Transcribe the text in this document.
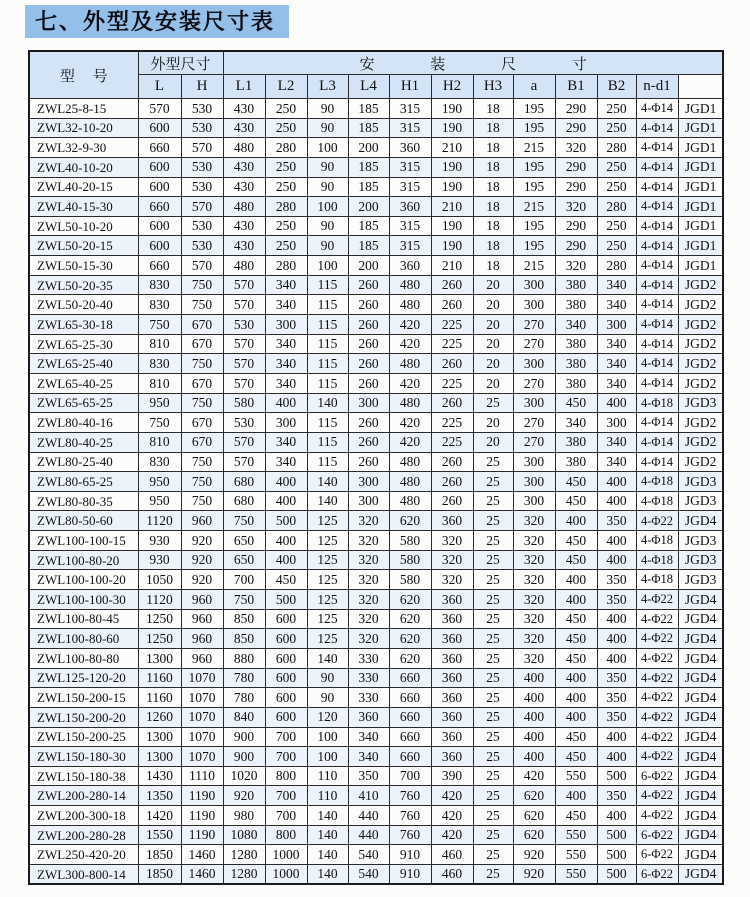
七、外型及安装尺寸表
型 号	外型尺寸		安 装 尺 寸	

	L	H	L1	L2	L3	L4	H1	H2	H3	a	B1	B2	n-d1		
ZWL25-8-15	570	530	430	250	90	185	315	190	18	195	290	250	4-Φ14	JGD1	
ZWL32-10-20	600	530	430	250	90	185	315	190	18	195	290	250	4-Φ14	JGD1	
ZWL32-9-30	660	570	480	280	100	200	360	210	18	215	320	280	4-Φ14	JGD1	
ZWL40-10-20	600	530	430	250	90	185	315	190	18	195	290	250	4-Φ14	JGD1	
ZWL40-20-15	600	530	430	250	90	185	315	190	18	195	290	250	4-Φ14	JGD1	
ZWL40-15-30	660	570	480	280	100	200	360	210	18	215	320	280	4-Φ14	JGD1	
ZWL50-10-20	600	530	430	250	90	185	315	190	18	195	290	250	4-Φ14	JGD1	
ZWL50-20-15	600	530	430	250	90	185	315	190	18	195	290	250	4-Φ14	JGD1	
ZWL50-15-30	660	570	480	280	100	200	360	210	18	215	320	280	4-Φ14	JGD1	
ZWL50-20-35	830	750	570	340	115	260	480	260	20	300	380	340	4-Φ14	JGD2	
ZWL50-20-40	830	750	570	340	115	260	480	260	20	300	380	340	4-Φ14	JGD2	
ZWL65-30-18	750	670	530	300	115	260	420	225	20	270	340	300	4-Φ14	JGD2	
ZWL65-25-30	810	670	570	340	115	260	420	225	20	270	380	340	4-Φ14	JGD2	
ZWL65-25-40	830	750	570	340	115	260	480	260	20	300	380	340	4-Φ14	JGD2	
ZWL65-40-25	810	670	570	340	115	260	420	225	20	270	380	340	4-Φ14	JGD2	
ZWL65-65-25	950	750	580	400	140	300	480	260	25	300	450	400	4-Φ18	JGD3	
ZWL80-40-16	750	670	530	300	115	260	420	225	20	270	340	300	4-Φ14	JGD2	
ZWL80-40-25	810	670	570	340	115	260	420	225	20	270	380	340	4-Φ14	JGD2	
ZWL80-25-40	830	750	570	340	115	260	480	260	25	300	380	340	4-Φ14	JGD2	
ZWL80-65-25	950	750	680	400	140	300	480	260	25	300	450	400	4-Φ18	JGD3	
ZWL80-80-35	950	750	680	400	140	300	480	260	25	300	450	400	4-Φ18	JGD3	
ZWL80-50-60	1120	960	750	500	125	320	620	360	25	320	400	350	4-Φ22	JGD4	
ZWL100-100-15	930	920	650	400	125	320	580	320	25	320	450	400	4-Φ18	JGD3	
ZWL100-80-20	930	920	650	400	125	320	580	320	25	320	450	400	4-Φ18	JGD3	
ZWL100-100-20	1050	920	700	450	125	320	580	320	25	320	400	350	4-Φ18	JGD3	
ZWL100-100-30	1120	960	750	500	125	320	620	360	25	320	400	350	4-Φ22	JGD4	
ZWL100-80-45	1250	960	850	600	125	320	620	360	25	320	450	400	4-Φ22	JGD4	
ZWL100-80-60	1250	960	850	600	125	320	620	360	25	320	450	400	4-Φ22	JGD4	
ZWL100-80-80	1300	960	880	600	140	330	620	360	25	320	450	400	4-Φ22	JGD4	
ZWL125-120-20	1160	1070	780	600	90	330	660	360	25	400	400	350	4-Φ22	JGD4	
ZWL150-200-15	1160	1070	780	600	90	330	660	360	25	400	400	350	4-Φ22	JGD4	
ZWL150-200-20	1260	1070	840	600	120	360	660	360	25	400	400	350	4-Φ22	JGD4	
ZWL150-200-25	1300	1070	900	700	100	340	660	360	25	400	450	400	4-Φ22	JGD4	
ZWL150-180-30	1300	1070	900	700	100	340	660	360	25	400	450	400	4-Φ22	JGD4	
ZWL150-180-38	1430	1110	1020	800	110	350	700	390	25	420	550	500	6-Φ22	JGD4	
ZWL200-280-14	1350	1190	920	700	110	410	760	420	25	620	400	350	4-Φ22	JGD4	
ZWL200-300-18	1420	1190	980	700	140	440	760	420	25	620	450	400	4-Φ22	JGD4	
ZWL200-280-28	1550	1190	1080	800	140	440	760	420	25	620	550	500	6-Φ22	JGD4	
ZWL250-420-20	1850	1460	1280	1000	140	540	910	460	25	920	550	500	6-Φ22	JGD4	
ZWL300-800-14	1850	1460	1280	1000	140	540	910	460	25	920	550	500	6-Φ22	JGD4	
